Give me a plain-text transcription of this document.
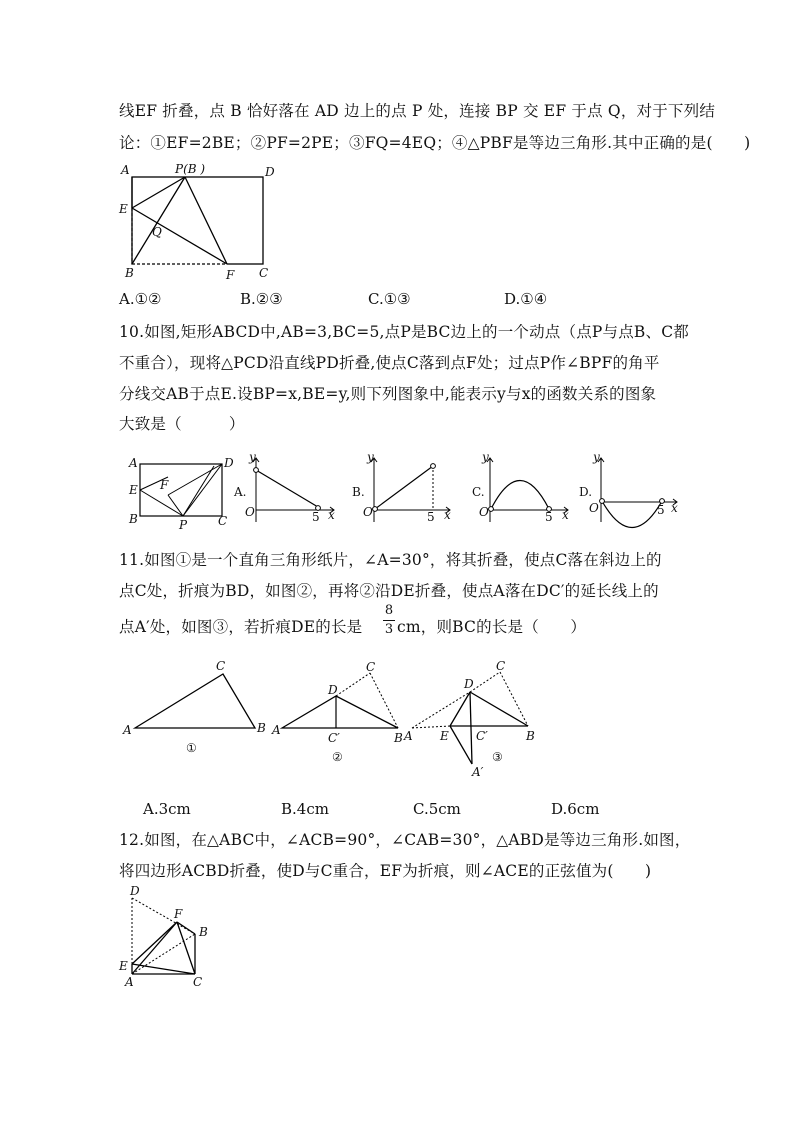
线EF 折叠，点 B 恰好落在 AD 边上的点 P 处，连接 BP 交 EF 于点 Q，对于下列结
论：①EF=2BE；②PF=2PE；③FQ=4EQ；④△PBF是等边三角形.其中正确的是(　　)
A	P(B )	D
E
Q
B	F C
A.①②	B.②③	C.①③	D.①④
10.如图,矩形ABCD中,AB=3,BC=5,点P是BC边上的一个动点（点P与点B、C都
不重合），现将△PCD沿直线PD折叠,使点C落到点F处；过点P作∠BPF的角平
分线交AB于点E.设BP=x,BE=y,则下列图象中,能表示y与x的函数关系的图象
大致是（　　　）
A	D
E F
B	P	C
A.
y
x
O	5
B.
y
x
O	5
C.
y
x
O	5
D.
y
x
O	5
11.如图①是一个直角三角形纸片，∠A=30°，将其折叠，使点C落在斜边上的
点C处，折痕为BD，如图②，再将②沿DE折叠，使点A落在DC′的延长线上的
点A′处，如图③，若折痕DE的长是
8
3 cm，则BC的长是（　　）
A
C
B
①
A
D
C
C′	B
②
A
D
C
E C′	B
A′
③
A.3cm	B.4cm	C.5cm	D.6cm
12.如图，在△ABC中，∠ACB=90°，∠CAB=30°，△ABD是等边三角形.如图，
将四边形ACBD折叠，使D与C重合，EF为折痕，则∠ACE的正弦值为(　　)
D
F
B
E
A	C
